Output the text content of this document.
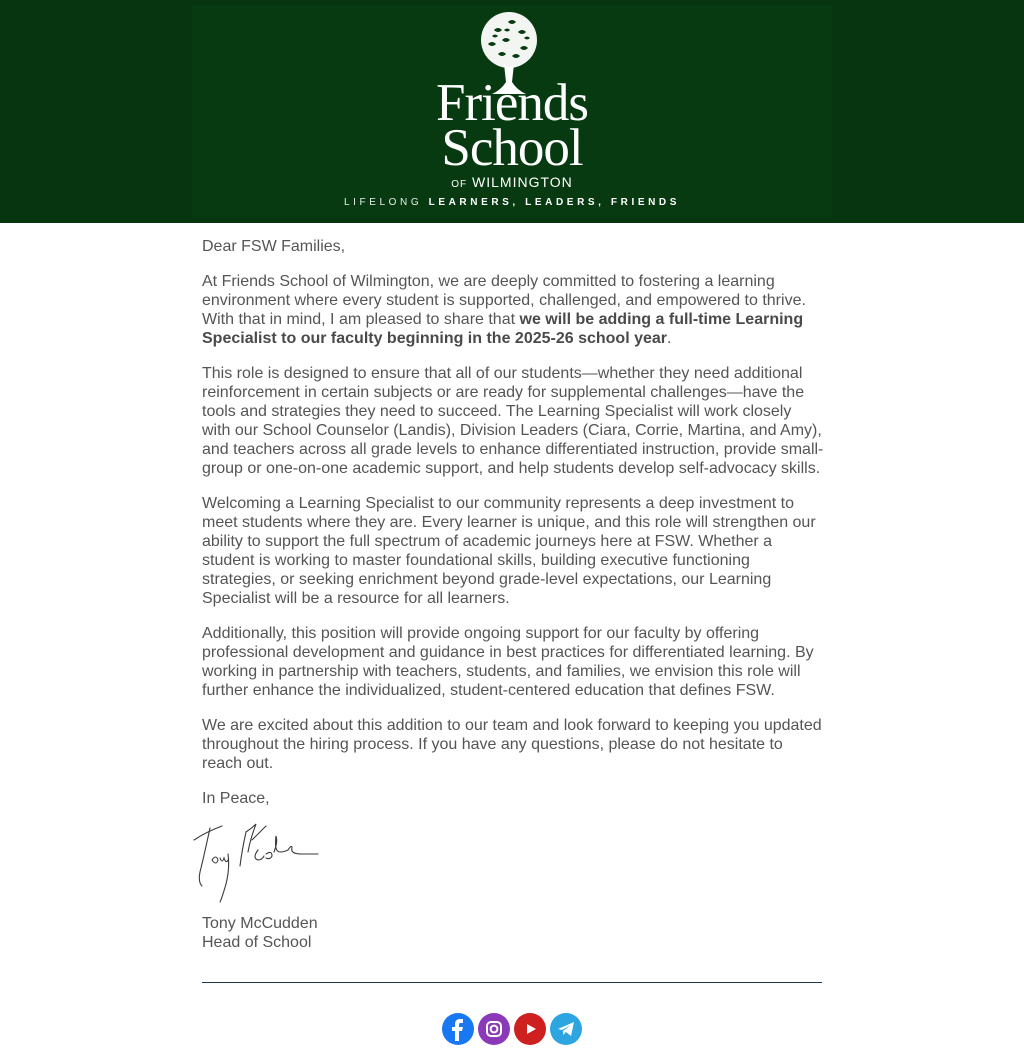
Friends
School
OF WILMINGTON
LIFELONG LEARNERS, LEADERS, FRIENDS

Dear FSW Families,

At Friends School of Wilmington, we are deeply committed to fostering a learning environment where every student is supported, challenged, and empowered to thrive. With that in mind, I am pleased to share that we will be adding a full-time Learning Specialist to our faculty beginning in the 2025-26 school year.

This role is designed to ensure that all of our students—whether they need additional reinforcement in certain subjects or are ready for supplemental challenges—have the tools and strategies they need to succeed. The Learning Specialist will work closely with our School Counselor (Landis), Division Leaders (Ciara, Corrie, Martina, and Amy), and teachers across all grade levels to enhance differentiated instruction, provide small-group or one-on-one academic support, and help students develop self-advocacy skills.

Welcoming a Learning Specialist to our community represents a deep investment to meet students where they are. Every learner is unique, and this role will strengthen our ability to support the full spectrum of academic journeys here at FSW. Whether a student is working to master foundational skills, building executive functioning strategies, or seeking enrichment beyond grade-level expectations, our Learning Specialist will be a resource for all learners.

Additionally, this position will provide ongoing support for our faculty by offering professional development and guidance in best practices for differentiated learning. By working in partnership with teachers, students, and families, we envision this role will further enhance the individualized, student-centered education that defines FSW.

We are excited about this addition to our team and look forward to keeping you updated throughout the hiring process. If you have any questions, please do not hesitate to reach out.

In Peace,

Tony McCudden
Head of School
